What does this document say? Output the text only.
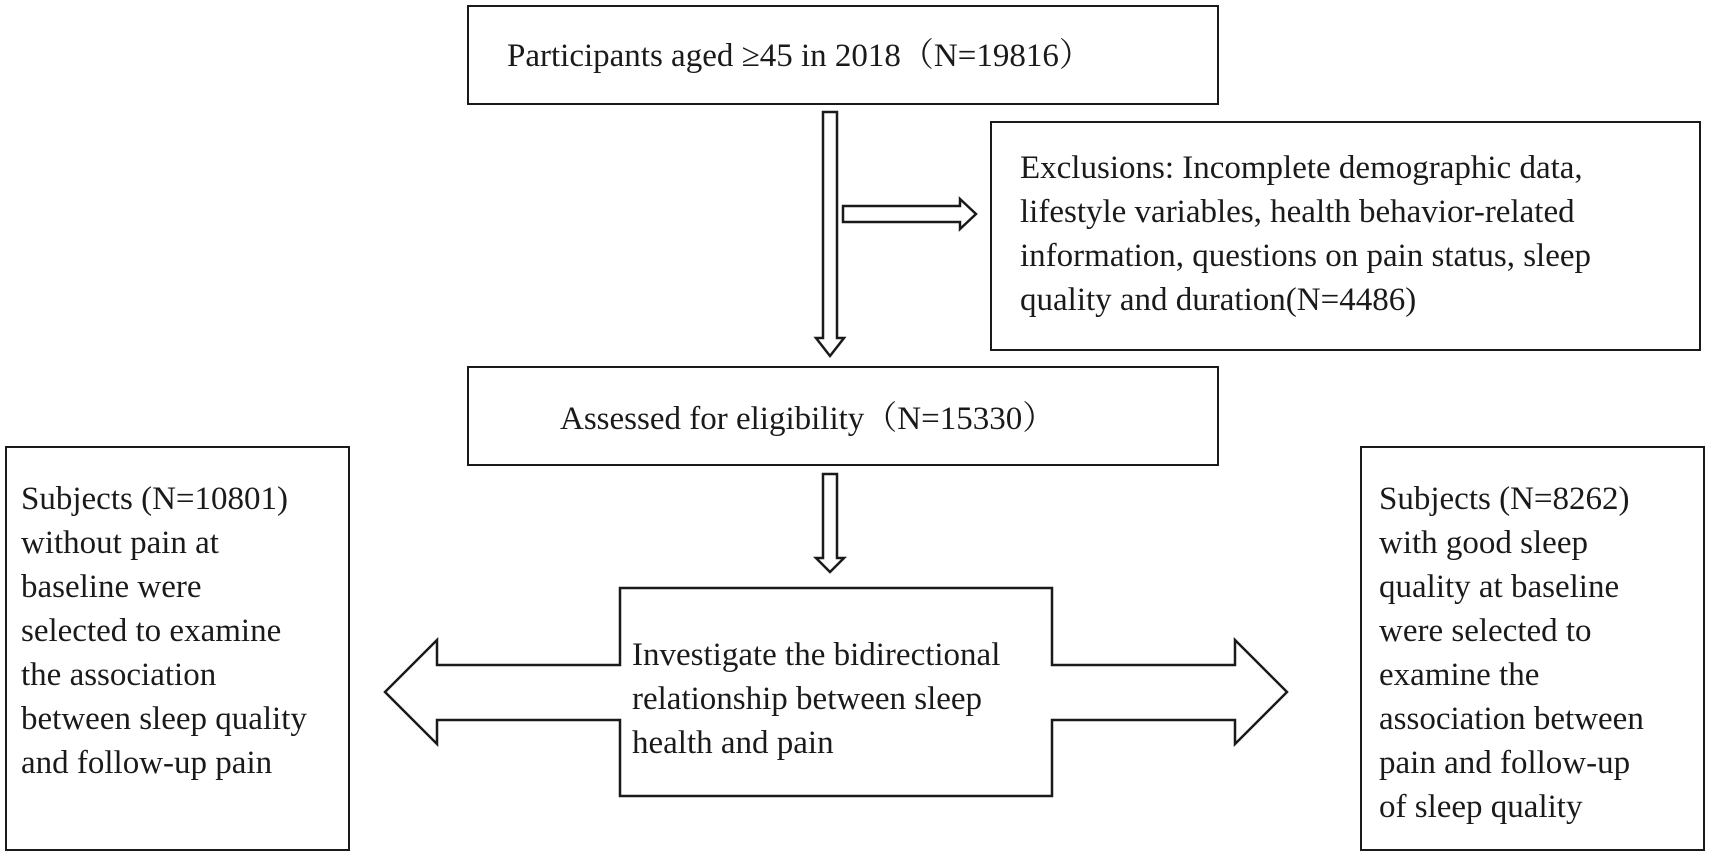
Participants aged ≥45 in 2018（N=19816）
Exclusions: Incomplete demographic data,
lifestyle variables, health behavior-related
information, questions on pain status, sleep
quality and duration(N=4486)
Assessed for eligibility（N=15330）
Subjects (N=10801)
without pain at
baseline were
selected to examine
the association
between sleep quality
and follow-up pain
Subjects (N=8262)
with good sleep
quality at baseline
were selected to
examine the
association between
pain and follow-up
of sleep quality
Investigate the bidirectional
relationship between sleep
health and pain
